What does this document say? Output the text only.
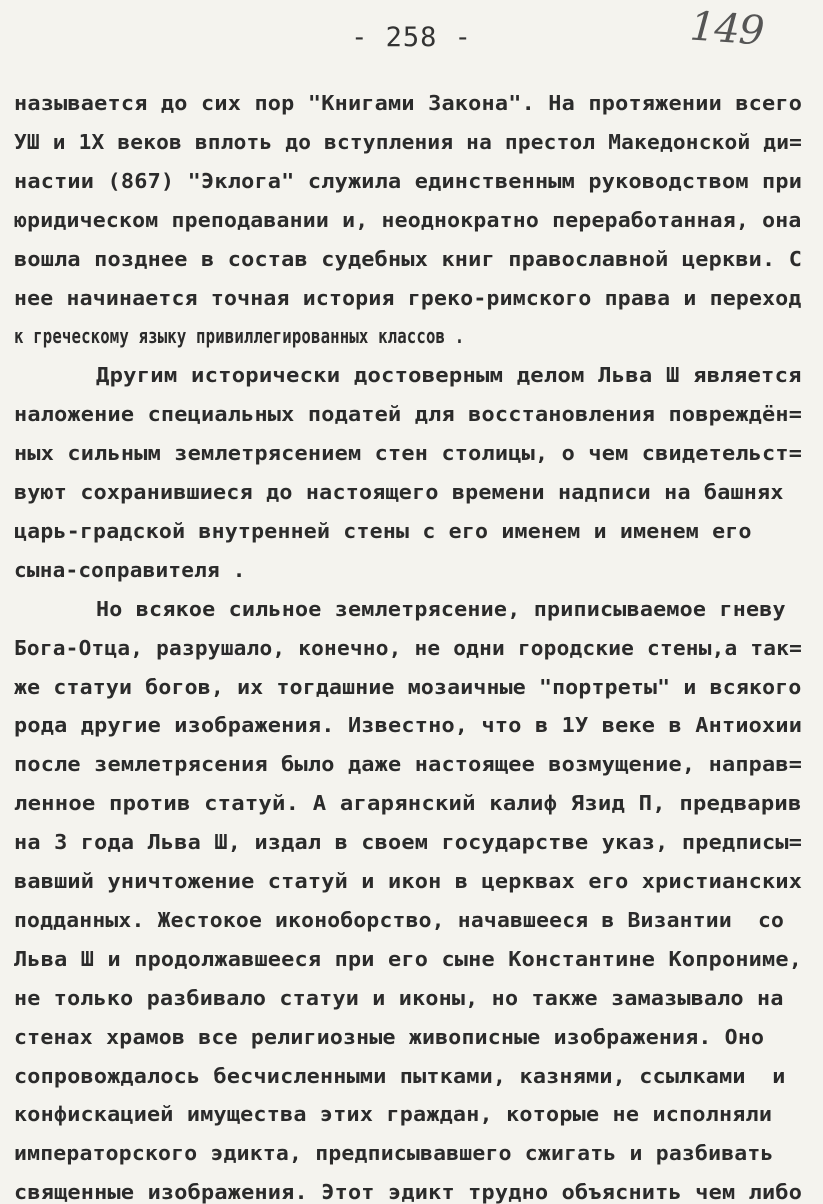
- 258 -	149
называется до сих пор "Книгами Закона". На протяжении всего
УШ и 1Х веков вплоть до вступления на престол Македонской ди=
настии (867) "Эклога" служила единственным руководством при
юридическом преподавании и, неоднократно переработанная, она
вошла позднее в состав судебных книг православной церкви. С
нее начинается точная история греко-римского права и переход
к греческому языку привиллегированных классов .
Другим исторически достоверным делом Льва Ш является
наложение специальных податей для восстановления повреждён=
ных сильным землетрясением стен столицы, о чем свидетельст=
вуют сохранившиеся до настоящего времени надписи на башнях
царь-градской внутренней стены с его именем и именем его
сына-соправителя .
Но всякое сильное землетрясение, приписываемое гневу
Бога-Отца, разрушало, конечно, не одни городские стены,а так=
же статуи богов, их тогдашние мозаичные "портреты" и всякого
рода другие изображения. Известно, что в 1У веке в Антиохии
после землетрясения было даже настоящее возмущение, направ=
ленное против статуй. А агарянский калиф Язид П, предварив
на 3 года Льва Ш, издал в своем государстве указ, предписы=
вавший уничтожение статуй и икон в церквах его христианских
подданных. Жестокое иконоборство, начавшееся в Византии  со
Льва Ш и продолжавшееся при его сыне Константине Копрониме,
не только разбивало статуи и иконы, но также замазывало на
стенах храмов все религиозные живописные изображения. Оно
сопровождалось бесчисленными пытками, казнями, ссылками  и
конфискацией имущества этих граждан, которые не исполняли
императорского эдикта, предписывавшего сжигать и разбивать
священные изображения. Этот эдикт трудно объяснить чем либо
